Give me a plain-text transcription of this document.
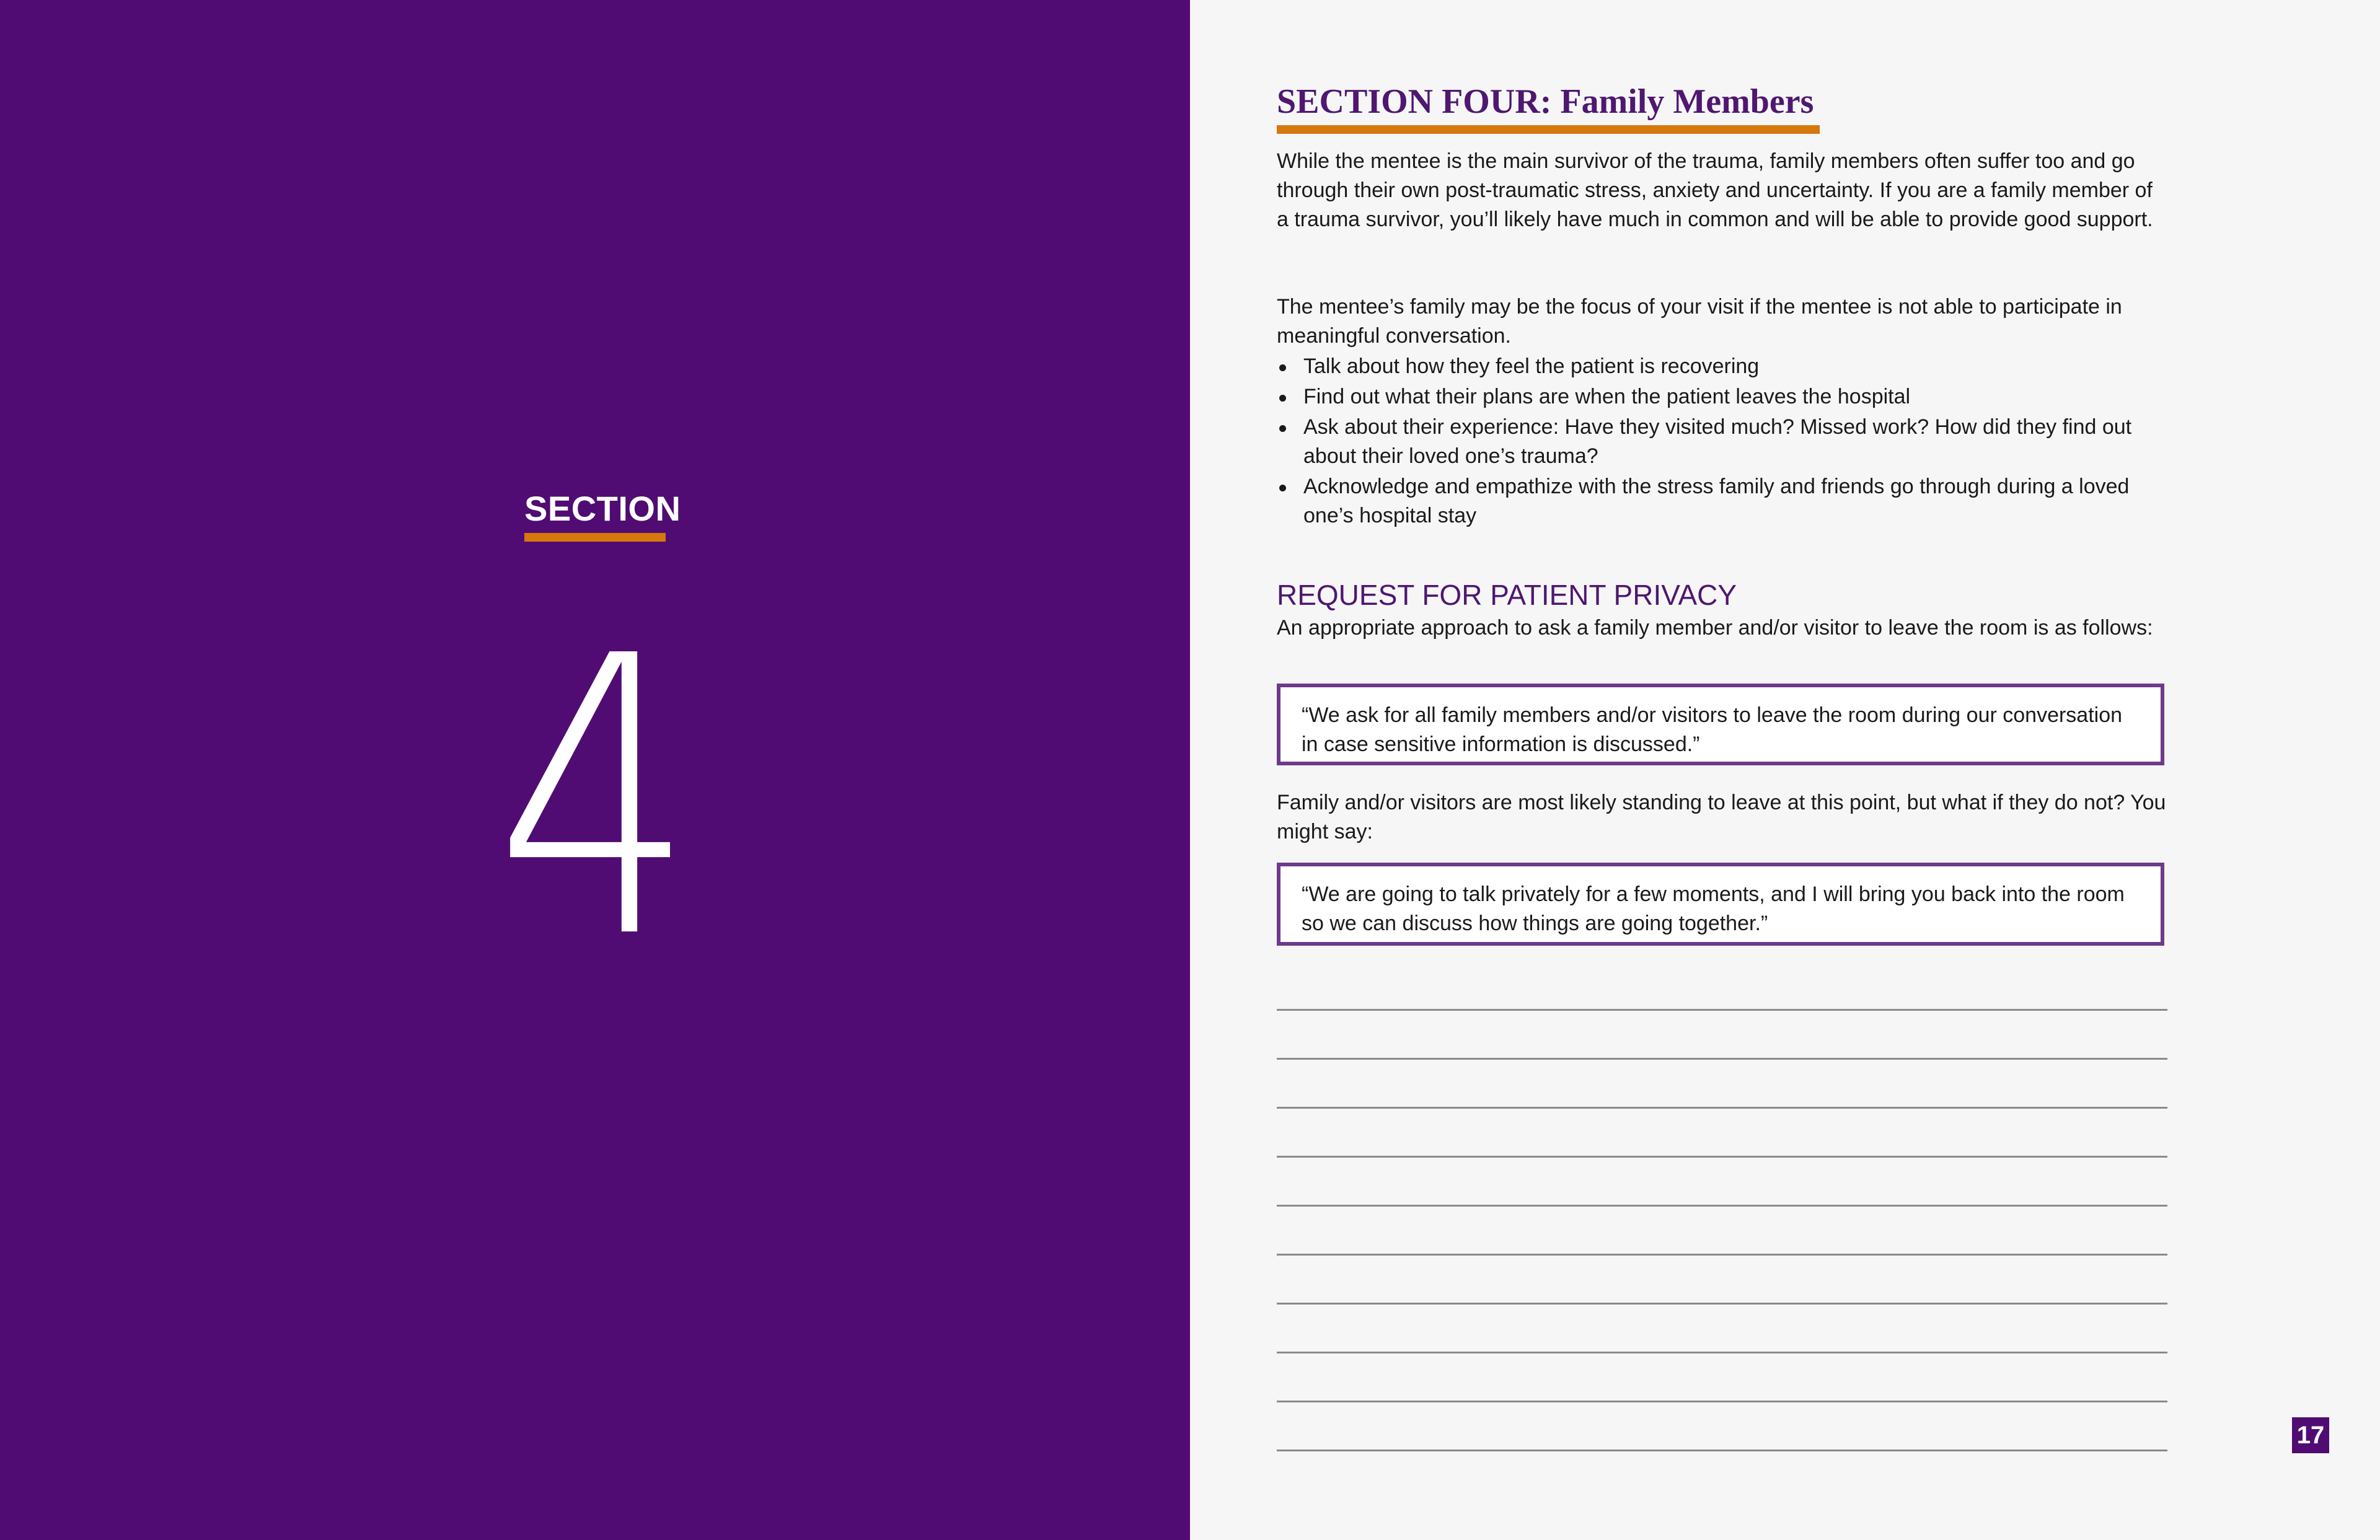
SECTION
4
SECTION FOUR: Family Members

While the mentee is the main survivor of the trauma, family members often suffer too and go through their own post-traumatic stress, anxiety and uncertainty. If you are a family member of a trauma survivor, you’ll likely have much in common and will be able to provide good support.

The mentee’s family may be the focus of your visit if the mentee is not able to participate in meaningful conversation.

Talk about how they feel the patient is recovering
Find out what their plans are when the patient leaves the hospital
Ask about their experience: Have they visited much? Missed work? How did they find out about their loved one’s trauma?
Acknowledge and empathize with the stress family and friends go through during a loved one’s hospital stay
REQUEST FOR PATIENT PRIVACY

An appropriate approach to ask a family member and/or visitor to leave the room is as follows:

“We ask for all family members and/or visitors to leave the room during our conversation in case sensitive information is discussed.”

Family and/or visitors are most likely standing to leave at this point, but what if they do not? You might say:

“We are going to talk privately for a few moments, and I will bring you back into the room so we can discuss how things are going together.”
17
